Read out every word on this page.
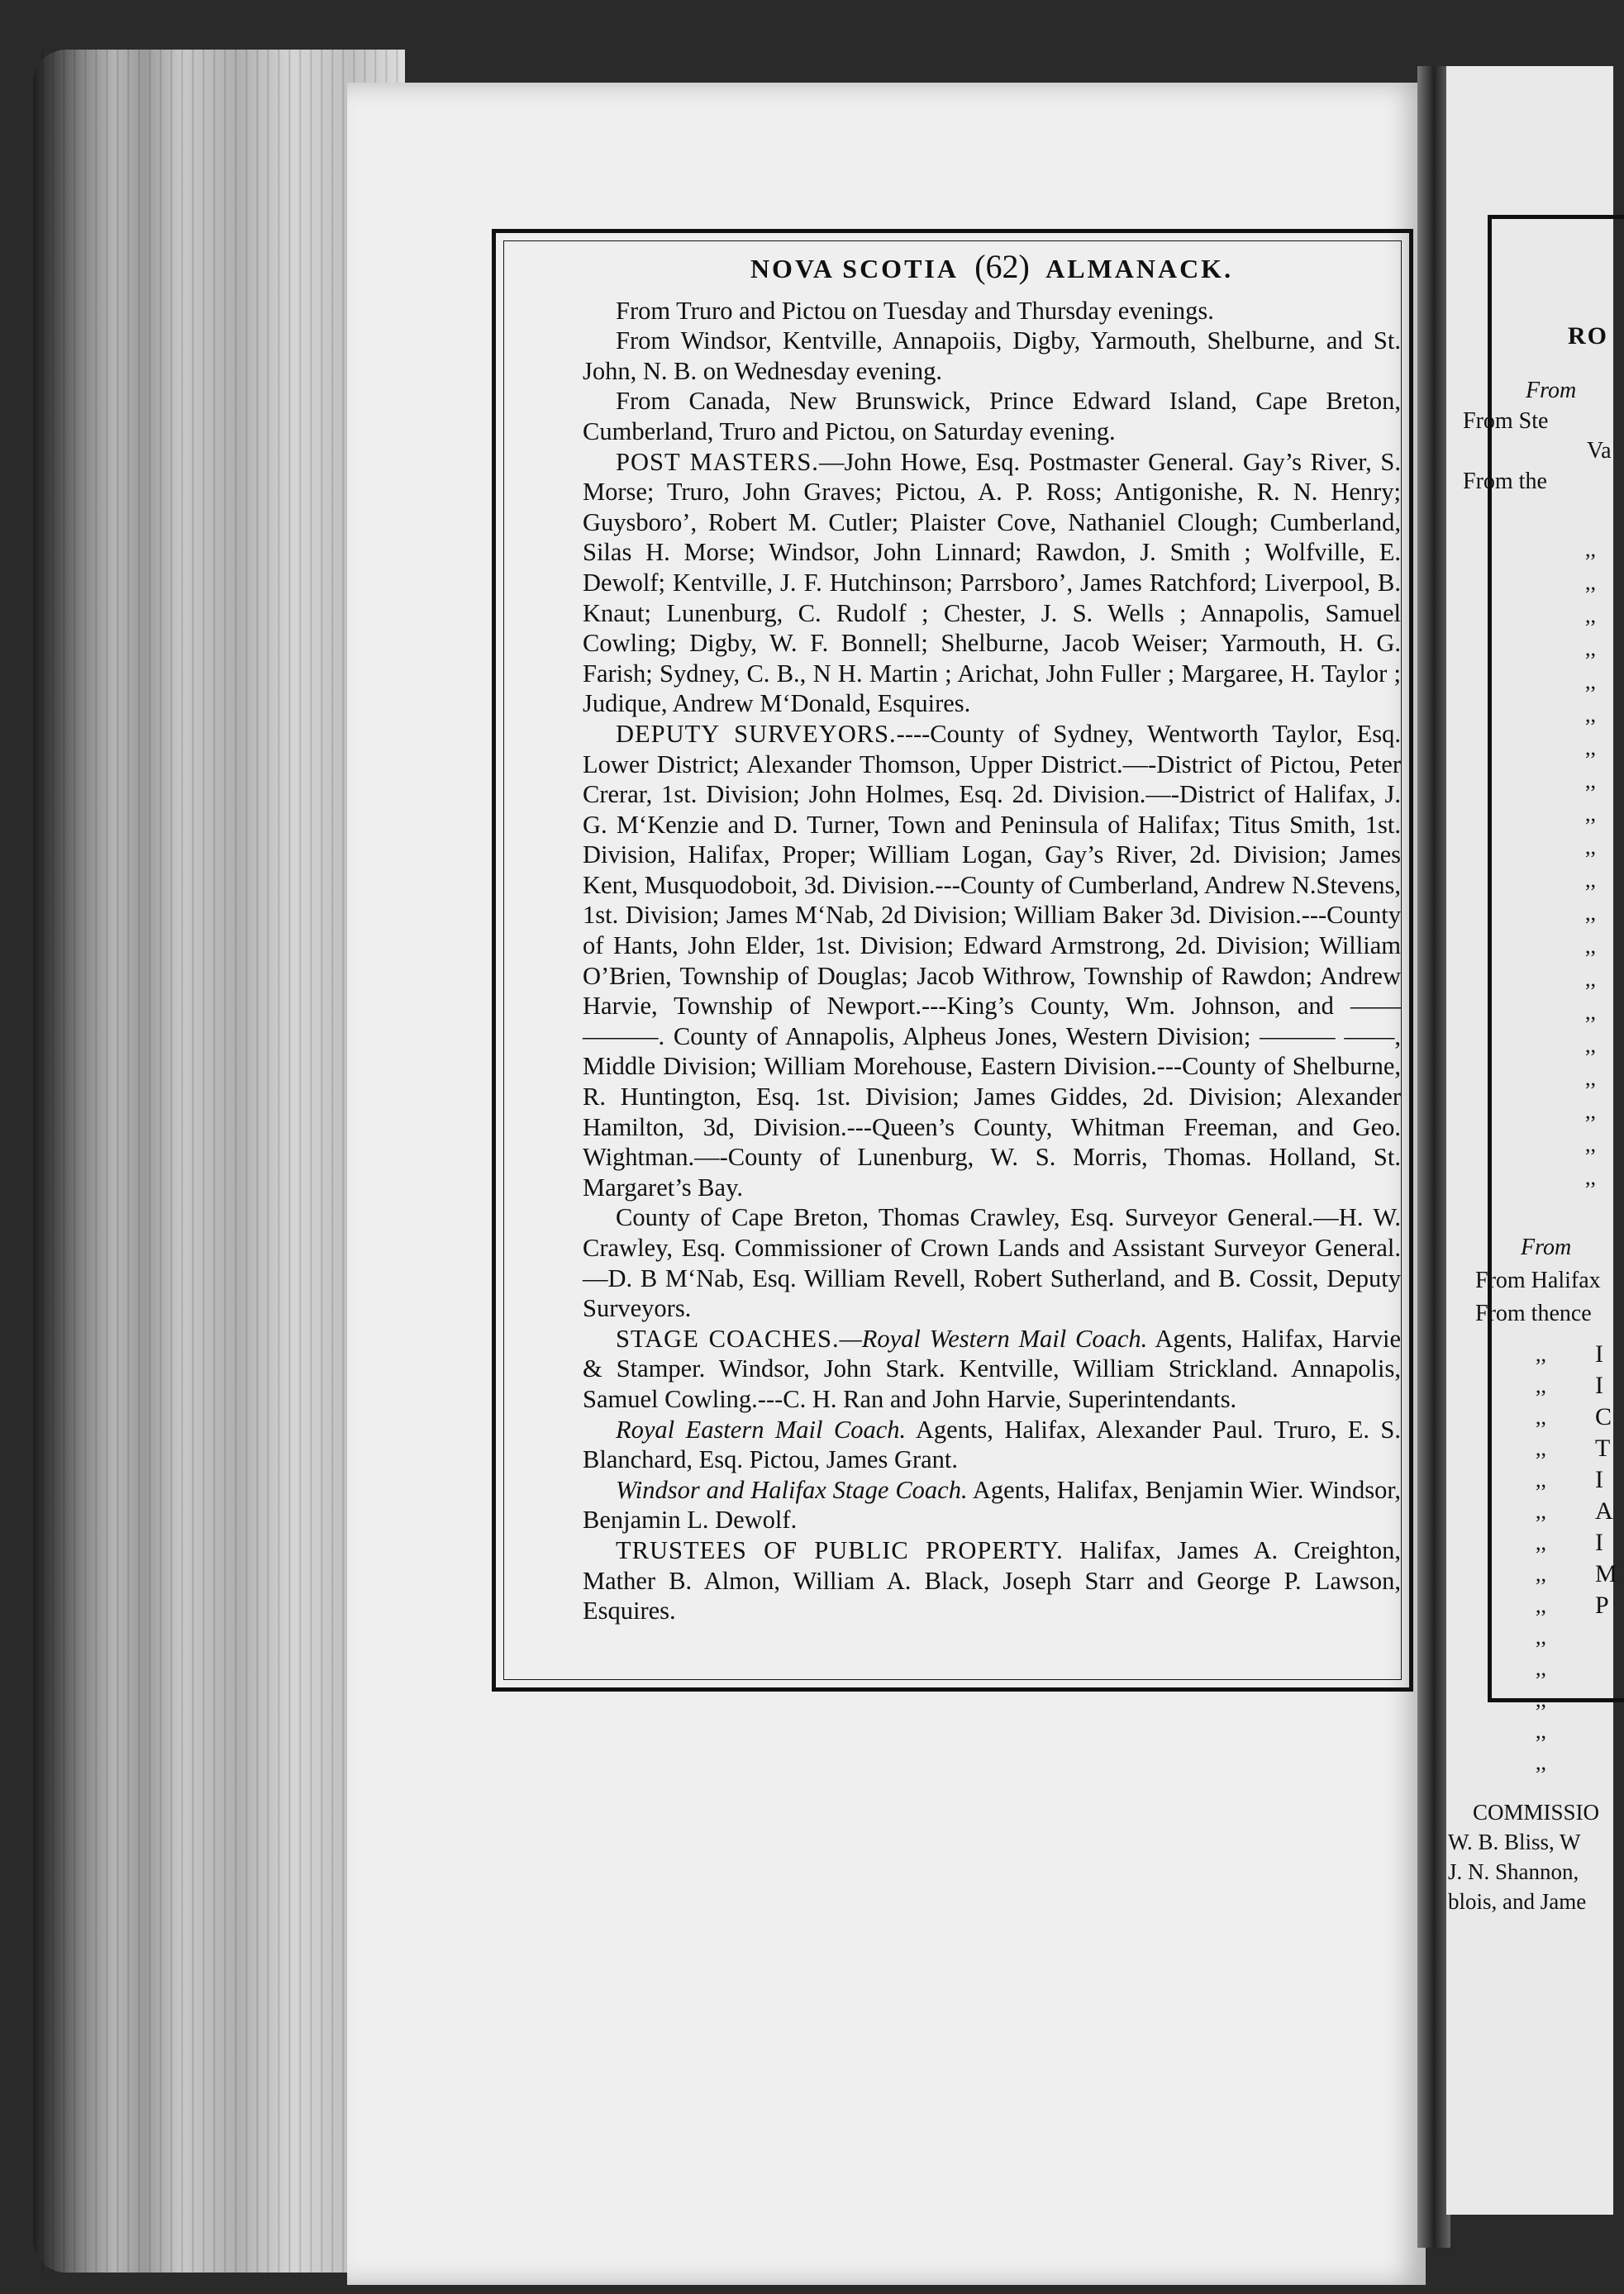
NOVA SCOTIA (62) ALMANACK.

From Truro and Pictou on Tuesday and Thursday evenings.

From Windsor, Kentville, Annapoiis, Digby, Yarmouth, Shelburne, and St. John, N. B. on Wednesday evening.

From Canada, New Brunswick, Prince Edward Island, Cape Breton, Cumberland, Truro and Pictou, on Saturday evening.

POST MASTERS.—John Howe, Esq. Postmaster General. Gay’s River, S. Morse; Truro, John Graves; Pictou, A. P. Ross; Antigonishe, R. N. Henry; Guysboro’, Robert M. Cutler; Plaister Cove, Nathaniel Clough; Cumberland, Silas H. Morse; Windsor, John Linnard; Rawdon, J. Smith ; Wolfville, E. Dewolf; Kentville, J. F. Hutchinson; Parrsboro’, James Ratchford; Liverpool, B. Knaut; Lunenburg, C. Rudolf ; Chester, J. S. Wells ; Annapolis, Samuel Cowling; Digby, W. F. Bonnell; Shelburne, Jacob Weiser; Yarmouth, H. G. Farish; Sydney, C. B., N H. Martin ; Arichat, John Fuller ; Margaree, H. Taylor ; Judique, Andrew M‘Donald, Esquires.

DEPUTY SURVEYORS.----County of Sydney, Wentworth Taylor, Esq. Lower District; Alexander Thomson, Upper District.—-District of Pictou, Peter Crerar, 1st. Division; John Holmes, Esq. 2d. Division.—-District of Halifax, J. G. M‘Kenzie and D. Turner, Town and Peninsula of Halifax; Titus Smith, 1st. Division, Halifax, Proper; William Logan, Gay’s River, 2d. Division; James Kent, Musquodoboit, 3d. Division.---County of Cumberland, Andrew N.Stevens, 1st. Division; James M‘Nab, 2d Division; William Baker 3d. Division.---County of Hants, John Elder, 1st. Division; Edward Armstrong, 2d. Division; William O’Brien, Township of Douglas; Jacob Withrow, Township of Rawdon; Andrew Harvie, Township of Newport.---King’s County, Wm. Johnson, and —— ———. County of Annapolis, Alpheus Jones, Western Division; ——— ——, Middle Division; William Morehouse, Eastern Division.---County of Shelburne, R. Huntington, Esq. 1st. Division; James Giddes, 2d. Division; Alexander Hamilton, 3d, Division.---Queen’s County, Whitman Freeman, and Geo. Wightman.—-County of Lunenburg, W. S. Morris, Thomas. Holland, St. Margaret’s Bay.

County of Cape Breton, Thomas Crawley, Esq. Surveyor General.—H. W. Crawley, Esq. Commissioner of Crown Lands and Assistant Surveyor General.—D. B M‘Nab, Esq. William Revell, Robert Sutherland, and B. Cossit, Deputy Surveyors.

STAGE COACHES.—Royal Western Mail Coach. Agents, Halifax, Harvie & Stamper. Windsor, John Stark. Kentville, William Strickland. Annapolis, Samuel Cowling.---C. H. Ran and John Harvie, Superintendants.

Royal Eastern Mail Coach. Agents, Halifax, Alexander Paul. Truro, E. S. Blanchard, Esq. Pictou, James Grant.

Windsor and Halifax Stage Coach. Agents, Halifax, Benjamin Wier. Windsor, Benjamin L. Dewolf.

TRUSTEES OF PUBLIC PROPERTY. Halifax, James A. Creighton, Mather B. Almon, William A. Black, Joseph Starr and George P. Lawson, Esquires.

RO
From
From Ste
Va
From the
,,
,,
,,
,,
,,
,,
,,
,,
,,
,,
,,
,,
,,
,,
,,
,,
,,
,,
,,
,,
From
From Halifax
From thence
,,
,,
,,
,,
,,
,,
,,
,,
,,
,,
,,
,,
,,
,,
I
I
C
T
I
A
I
M
P
COMMISSIO
W. B. Bliss, W
J. N. Shannon,
blois, and Jame
